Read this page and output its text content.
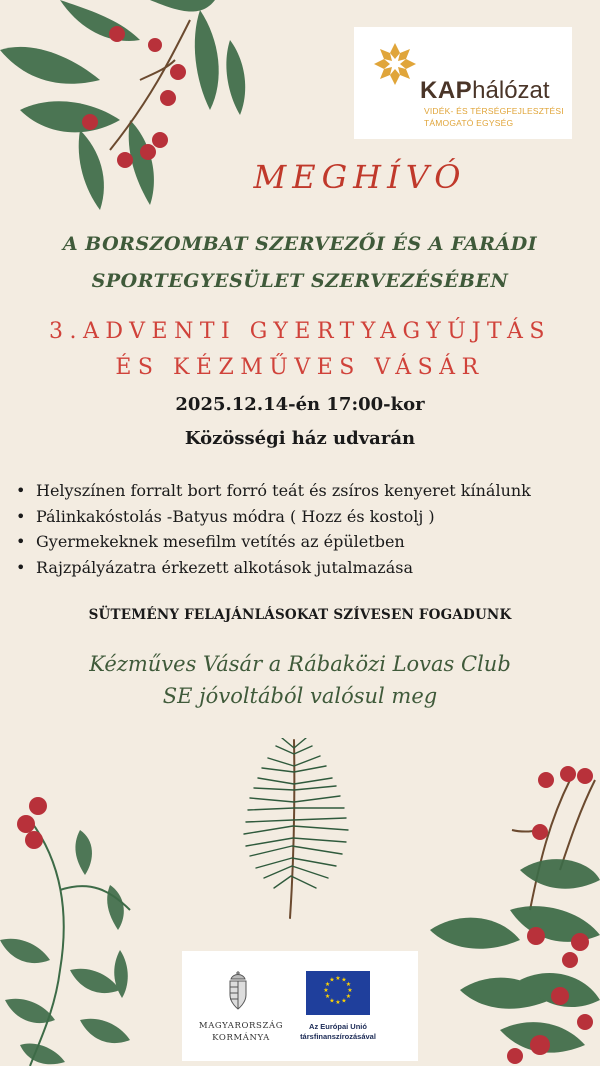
KAPhálózat
VIDÉK- ÉS TÉRSÉGFEJLESZTÉSI
TÁMOGATÓ EGYSÉG
MEGHÍVÓ
A BORSZOMBAT SZERVEZŐI ÉS A FARÁDI
SPORTEGYESÜLET SZERVEZÉSÉBEN
3.ADVENTI GYERTYAGYÚJTÁS
ÉS KÉZMŰVES VÁSÁR
2025.12.14-én 17:00-kor
Közösségi ház udvarán
• Helyszínen forralt bort forró teát és zsíros kenyeret kínálunk
• Pálinkakóstolás -Batyus módra ( Hozz és kostolj )
• Gyermekeknek mesefilm vetítés az épületben
• Rajzpályázatra érkezett alkotások jutalmazása
SÜTEMÉNY FELAJÁNLÁSOKAT SZÍVESEN FOGADUNK
Kézműves Vásár a Rábaközi Lovas Club
SE jóvoltából valósul meg
MAGYARORSZÁG
KORMÁNYA
★ ★
★
★
★
★
★
★
★
★
★
★
Az Európai Unió
társfinanszírozásával
